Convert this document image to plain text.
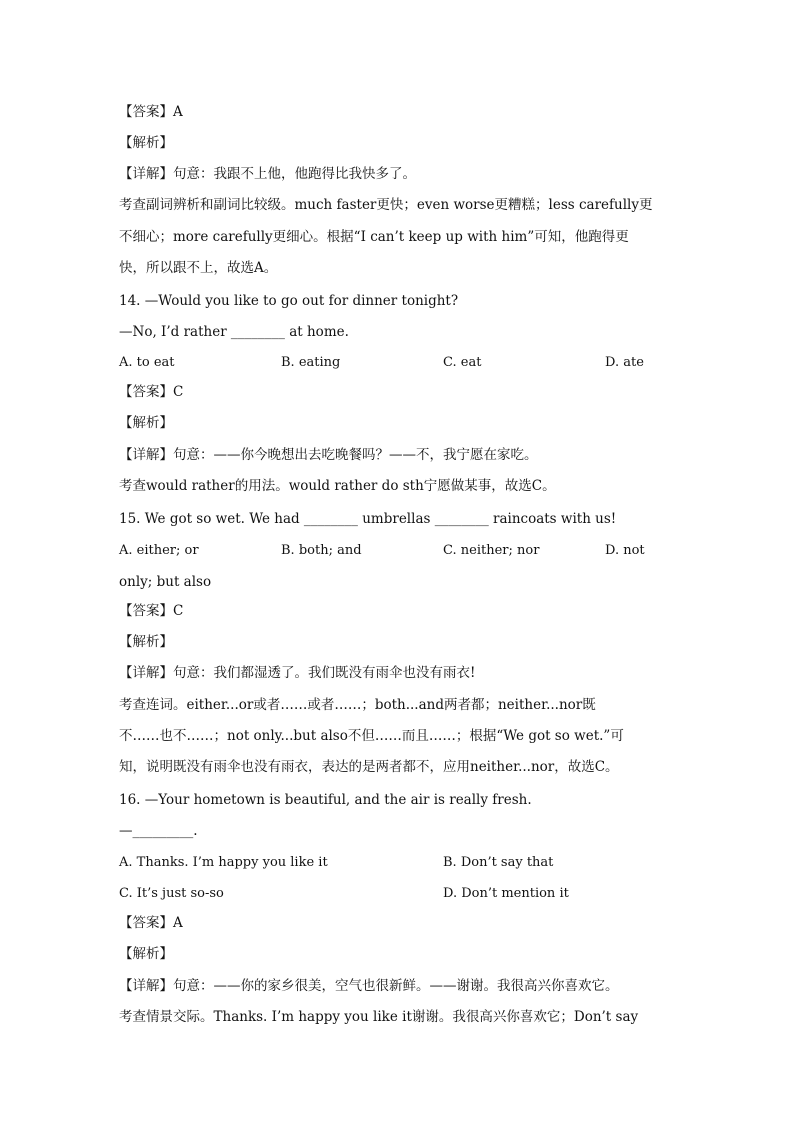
【答案】A
【解析】
【详解】句意：我跟不上他，他跑得比我快多了。
考查副词辨析和副词比较级。much faster更快；even worse更糟糕；less carefully更
不细心；more carefully更细心。根据“I can’t keep up with him”可知，他跑得更
快，所以跟不上，故选A。
14. —Would you like to go out for dinner tonight?
—No, I’d rather ________ at home.
A. to eat	B. eating	C. eat	D. ate
【答案】C
【解析】
【详解】句意：——你今晚想出去吃晚餐吗？——不，我宁愿在家吃。
考查would rather的用法。would rather do sth宁愿做某事，故选C。
15. We got so wet. We had ________ umbrellas ________ raincoats with us!
A. either; or	B. both; and	C. neither; nor	D. not
only; but also
【答案】C
【解析】
【详解】句意：我们都湿透了。我们既没有雨伞也没有雨衣!
考查连词。either...or或者……或者……；both...and两者都；neither...nor既
不……也不……；not only...but also不但……而且……；根据“We got so wet.”可
知，说明既没有雨伞也没有雨衣，表达的是两者都不，应用neither...nor，故选C。
16. —Your hometown is beautiful, and the air is really fresh.
—_________.
A. Thanks. I’m happy you like it	B. Don’t say that
C. It’s just so-so	D. Don’t mention it
【答案】A
【解析】
【详解】句意：——你的家乡很美，空气也很新鲜。——谢谢。我很高兴你喜欢它。
考查情景交际。Thanks. I’m happy you like it谢谢。我很高兴你喜欢它；Don’t say
